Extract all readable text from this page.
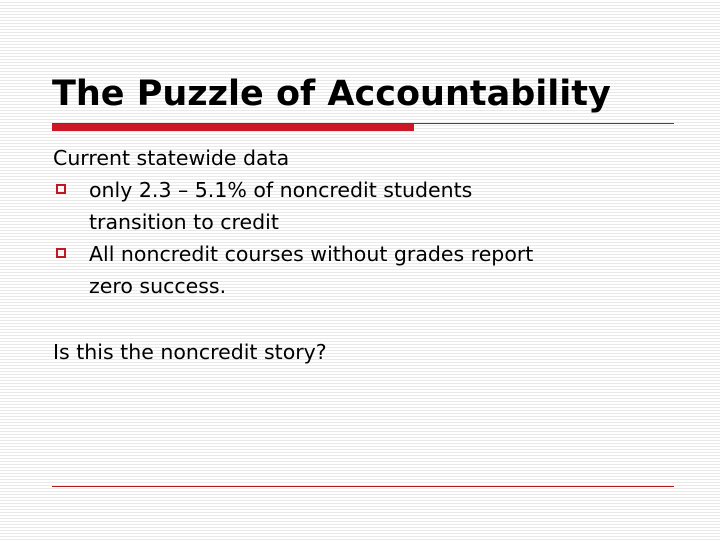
The Puzzle of Accountability

Current statewide data

only 2.3 – 5.1% of noncredit students
transition to credit
All noncredit courses without grades report
zero success.

Is this the noncredit story?
